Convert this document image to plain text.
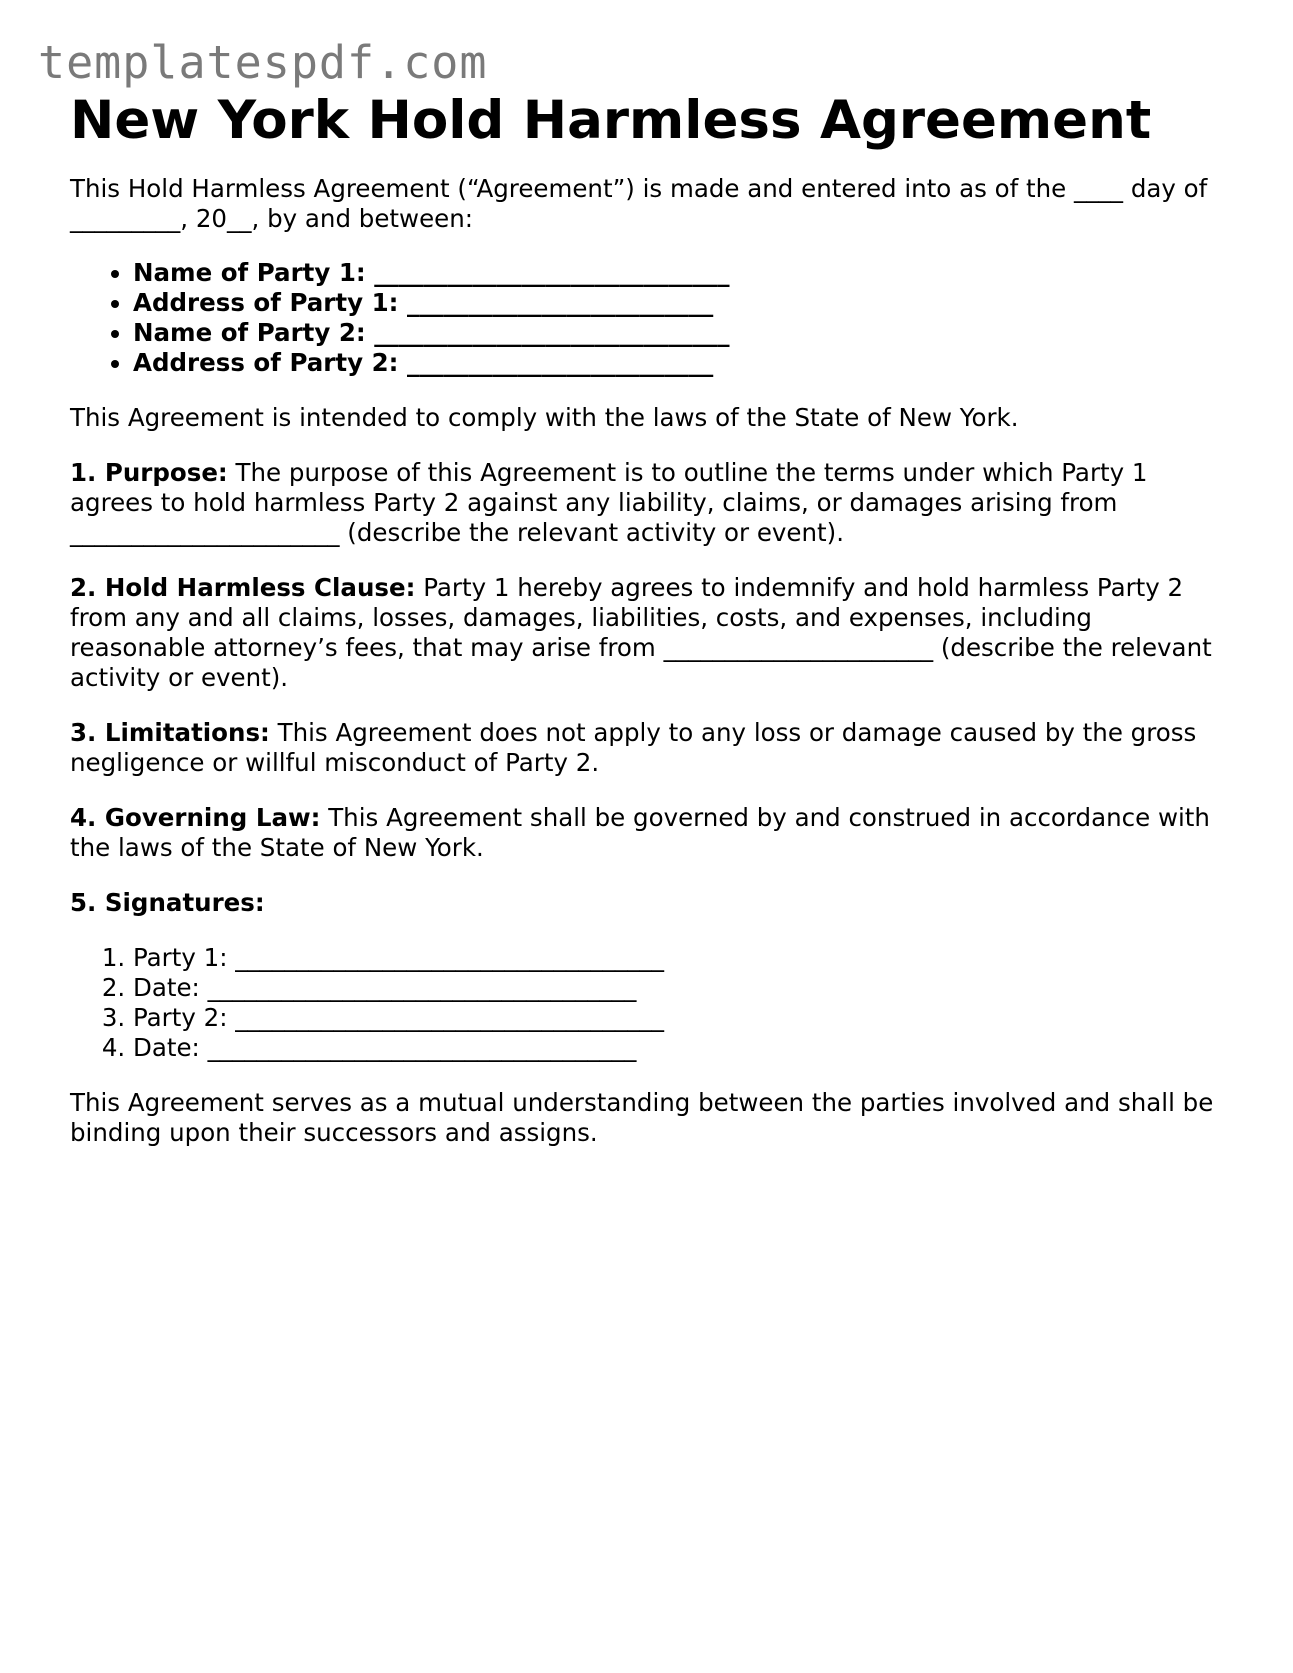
templatespdf.com
New York Hold Harmless Agreement

This Hold Harmless Agreement (“Agreement”) is made and entered into as of the ____ day of _________, 20__, by and between:

• Name of Party 1: _____________________________
• Address of Party 1: _________________________
• Name of Party 2: _____________________________
• Address of Party 2: _________________________

This Agreement is intended to comply with the laws of the State of New York.

1. Purpose: The purpose of this Agreement is to outline the terms under which Party 1 agrees to hold harmless Party 2 against any liability, claims, or damages arising from ______________________ (describe the relevant activity or event).

2. Hold Harmless Clause: Party 1 hereby agrees to indemnify and hold harmless Party 2 from any and all claims, losses, damages, liabilities, costs, and expenses, including reasonable attorney’s fees, that may arise from ______________________ (describe the relevant activity or event).

3. Limitations: This Agreement does not apply to any loss or damage caused by the gross negligence or willful misconduct of Party 2.

4. Governing Law: This Agreement shall be governed by and construed in accordance with the laws of the State of New York.

5. Signatures:

1. Party 1: ___________________________________
2. Date: ___________________________________
3. Party 2: ___________________________________
4. Date: ___________________________________

This Agreement serves as a mutual understanding between the parties involved and shall be binding upon their successors and assigns.
